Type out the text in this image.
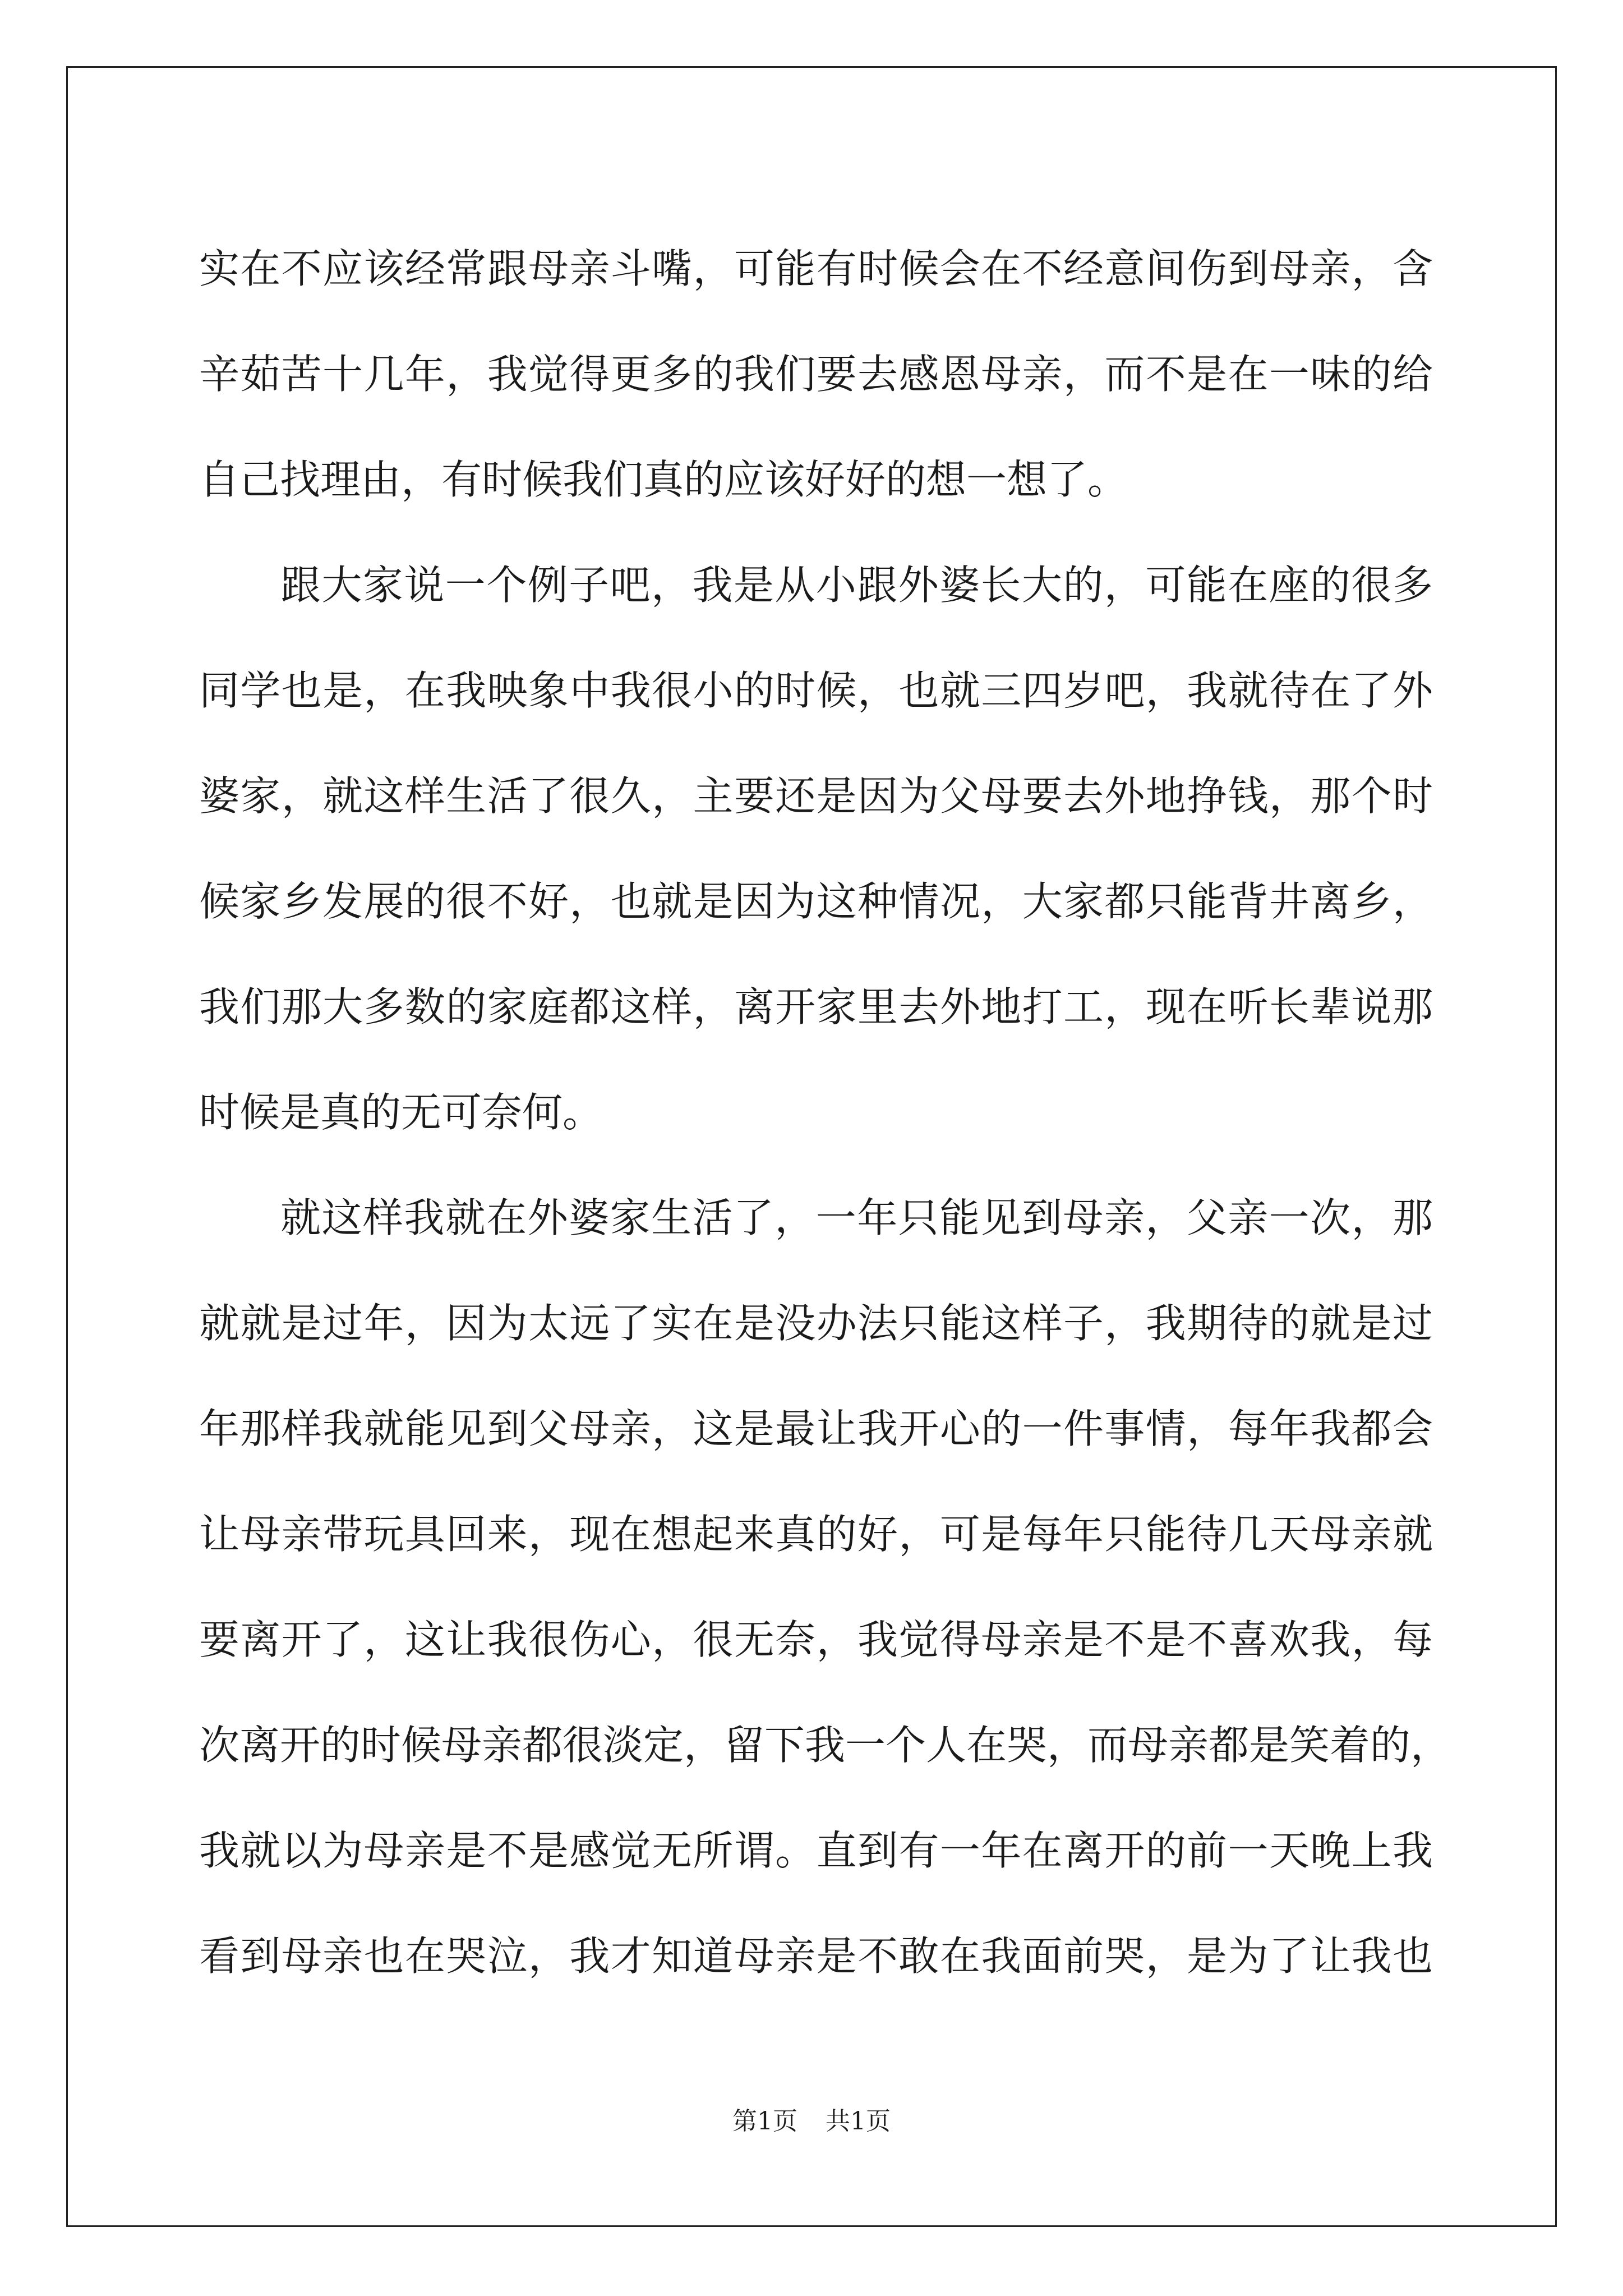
实在不应该经常跟母亲斗嘴，可能有时候会在不经意间伤到母亲，含
辛茹苦十几年，我觉得更多的我们要去感恩母亲，而不是在一味的给
自己找理由，有时候我们真的应该好好的想一想了。
跟大家说一个例子吧，我是从小跟外婆长大的，可能在座的很多
同学也是，在我映象中我很小的时候，也就三四岁吧，我就待在了外
婆家，就这样生活了很久，主要还是因为父母要去外地挣钱，那个时
候家乡发展的很不好，也就是因为这种情况，大家都只能背井离乡，
我们那大多数的家庭都这样，离开家里去外地打工，现在听长辈说那
时候是真的无可奈何。
就这样我就在外婆家生活了，一年只能见到母亲，父亲一次，那
就就是过年，因为太远了实在是没办法只能这样子，我期待的就是过
年那样我就能见到父母亲，这是最让我开心的一件事情，每年我都会
让母亲带玩具回来，现在想起来真的好，可是每年只能待几天母亲就
要离开了，这让我很伤心，很无奈，我觉得母亲是不是不喜欢我，每
次离开的时候母亲都很淡定，留下我一个人在哭，而母亲都是笑着的，
我就以为母亲是不是感觉无所谓。直到有一年在离开的前一天晚上我
看到母亲也在哭泣，我才知道母亲是不敢在我面前哭，是为了让我也
第1页 共1页
